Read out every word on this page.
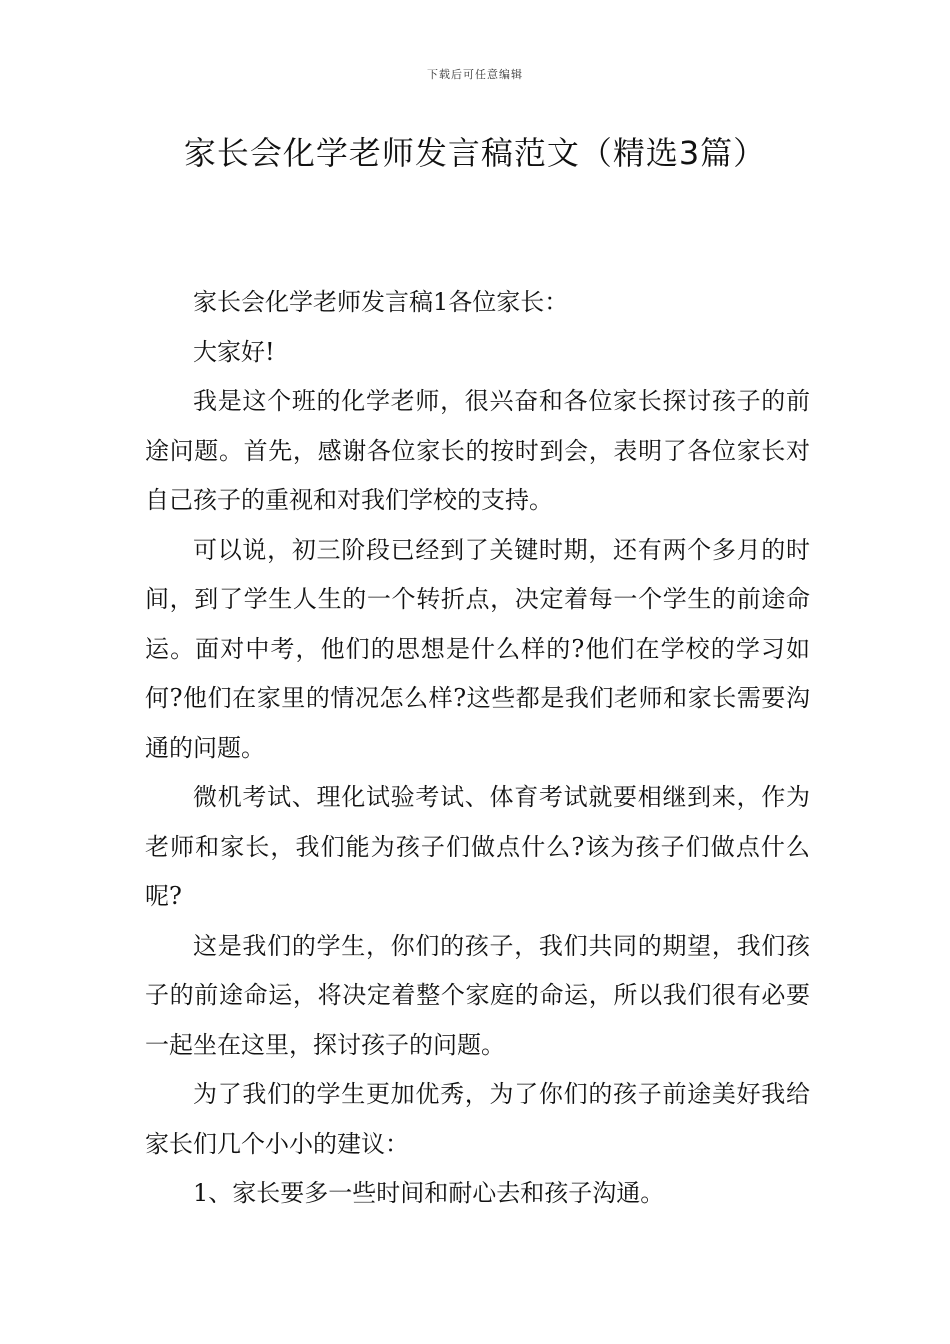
下载后可任意编辑
家长会化学老师发言稿范文（精选3篇）

家长会化学老师发言稿1各位家长：

大家好!

我是这个班的化学老师，很兴奋和各位家长探讨孩子的前途问题。首先，感谢各位家长的按时到会，表明了各位家长对自己孩子的重视和对我们学校的支持。

可以说，初三阶段已经到了关键时期，还有两个多月的时间，到了学生人生的一个转折点，决定着每一个学生的前途命运。面对中考，他们的思想是什么样的?他们在学校的学习如何?他们在家里的情况怎么样?这些都是我们老师和家长需要沟通的问题。

微机考试、理化试验考试、体育考试就要相继到来，作为老师和家长，我们能为孩子们做点什么?该为孩子们做点什么呢?

这是我们的学生，你们的孩子，我们共同的期望，我们孩子的前途命运，将决定着整个家庭的命运，所以我们很有必要一起坐在这里，探讨孩子的问题。

为了我们的学生更加优秀，为了你们的孩子前途美好我给家长们几个小小的建议：

1、家长要多一些时间和耐心去和孩子沟通。
